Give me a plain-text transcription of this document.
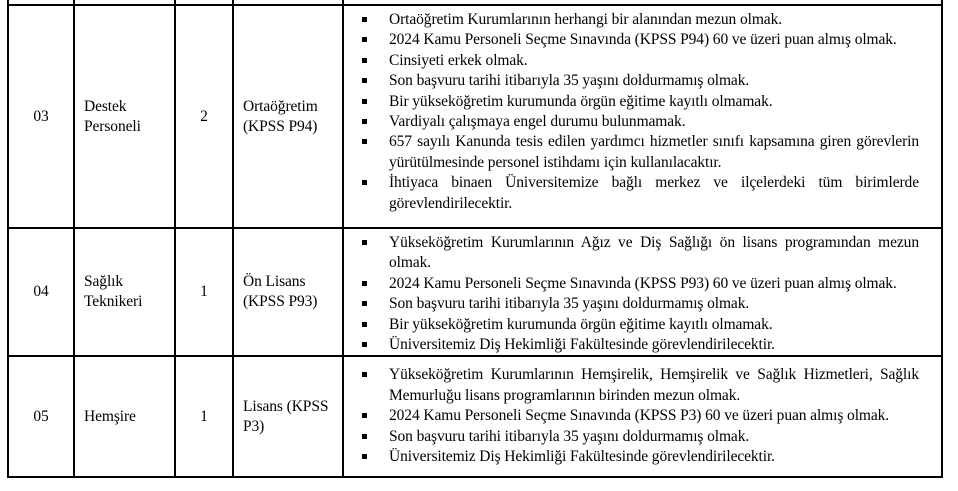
03	Destek Personeli	2	Ortaöğretim (KPSS P94)	
Ortaöğretim Kurumlarının herhangi bir alanından mezun olmak.
2024 Kamu Personeli Seçme Sınavında (KPSS P94) 60 ve üzeri puan almış olmak.
Cinsiyeti erkek olmak.
Son başvuru tarihi itibarıyla 35 yaşını doldurmamış olmak.
Bir yükseköğretim kurumunda örgün eğitime kayıtlı olmamak.
Vardiyalı çalışmaya engel durumu bulunmamak.
657 sayılı Kanunda tesis edilen yardımcı hizmetler sınıfı kapsamına giren görevlerin yürütülmesinde personel istihdamı için kullanılacaktır.
İhtiyaca binaen Üniversitemize bağlı merkez ve ilçelerdeki tüm birimlerde görevlendirilecektir.

04	Sağlık Teknikeri	1	Ön Lisans (KPSS P93)	Yükseköğretim Kurumlarının Ağız ve Diş Sağlığı ön lisans programından mezun olmak.
2024 Kamu Personeli Seçme Sınavında (KPSS P93) 60 ve üzeri puan almış olmak.
Son başvuru tarihi itibarıyla 35 yaşını doldurmamış olmak.
Bir yükseköğretim kurumunda örgün eğitime kayıtlı olmamak.
Üniversitemiz Diş Hekimliği Fakültesinde görevlendirilecektir.

05	Hemşire	1	Lisans (KPSS P3)	Yükseköğretim Kurumlarının Hemşirelik, Hemşirelik ve Sağlık Hizmetleri, Sağlık Memurluğu lisans programlarının birinden mezun olmak.
2024 Kamu Personeli Seçme Sınavında (KPSS P3) 60 ve üzeri puan almış olmak.
Son başvuru tarihi itibarıyla 35 yaşını doldurmamış olmak.
Üniversitemiz Diş Hekimliği Fakültesinde görevlendirilecektir.
